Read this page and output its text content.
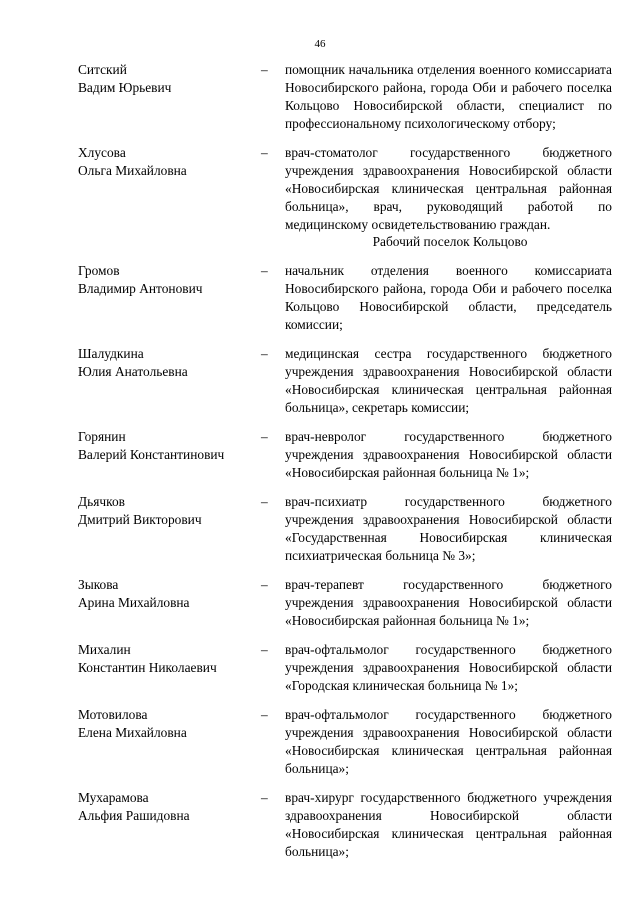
46
Ситский
Вадим Юрьевич
–	помощник начальника отделения военного комиссариата Новосибирского района, города Оби и рабочего поселка Кольцово Новосибирской области, специалист по профессиональному психологическому отбору;
Хлусова
Ольга Михайловна
–	врач-стоматолог государственного бюджетного учреждения здравоохранения Новосибирской области «Новосибирская клиническая центральная районная больница», врач, руководящий работой по медицинскому освидетельствованию граждан.
Рабочий поселок Кольцово
Громов
Владимир Антонович
–	начальник отделения военного комиссариата Новосибирского района, города Оби и рабочего поселка Кольцово Новосибирской области, председатель комиссии;
Шалудкина
Юлия Анатольевна
–	медицинская сестра государственного бюджетного учреждения здравоохранения Новосибирской области «Новосибирская клиническая центральная районная больница», секретарь комиссии;
Горянин
Валерий Константинович
–	врач-невролог государственного бюджетного учреждения здравоохранения Новосибирской области «Новосибирская районная больница № 1»;
Дьячков
Дмитрий Викторович
–	врач-психиатр государственного бюджетного учреждения здравоохранения Новосибирской области «Государственная Новосибирская клиническая психиатрическая больница № 3»;
Зыкова
Арина Михайловна
–	врач-терапевт государственного бюджетного учреждения здравоохранения Новосибирской области «Новосибирская районная больница № 1»;
Михалин
Константин Николаевич
–	врач-офтальмолог государственного бюджетного учреждения здравоохранения Новосибирской области «Городская клиническая больница № 1»;
Мотовилова
Елена Михайловна
–	врач-офтальмолог государственного бюджетного учреждения здравоохранения Новосибирской области «Новосибирская клиническая центральная районная больница»;
Мухарамова
Альфия Рашидовна
–	врач-хирург государственного бюджетного учреждения здравоохранения Новосибирской области «Новосибирская клиническая центральная районная больница»;
